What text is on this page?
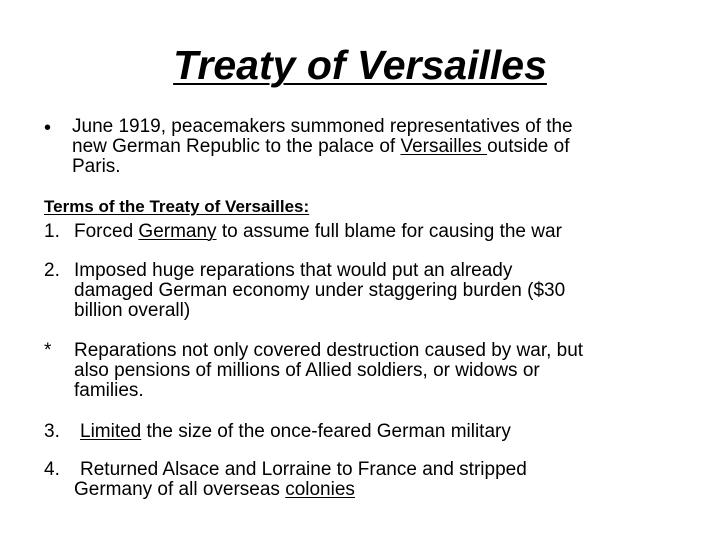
Treaty of Versailles
• June 1919, peacemakers summoned representatives of the
new German Republic to the palace of Versailles outside of
Paris.
Terms of the Treaty of Versailles:
1. Forced Germany to assume full blame for causing the war
2. Imposed huge reparations that would put an already
damaged German economy under staggering burden ($30
billion overall)
* Reparations not only covered destruction caused by war, but
also pensions of millions of Allied soldiers, or widows or
families.
3. Limited the size of the once-feared German military
4. Returned Alsace and Lorraine to France and stripped
Germany of all overseas colonies
